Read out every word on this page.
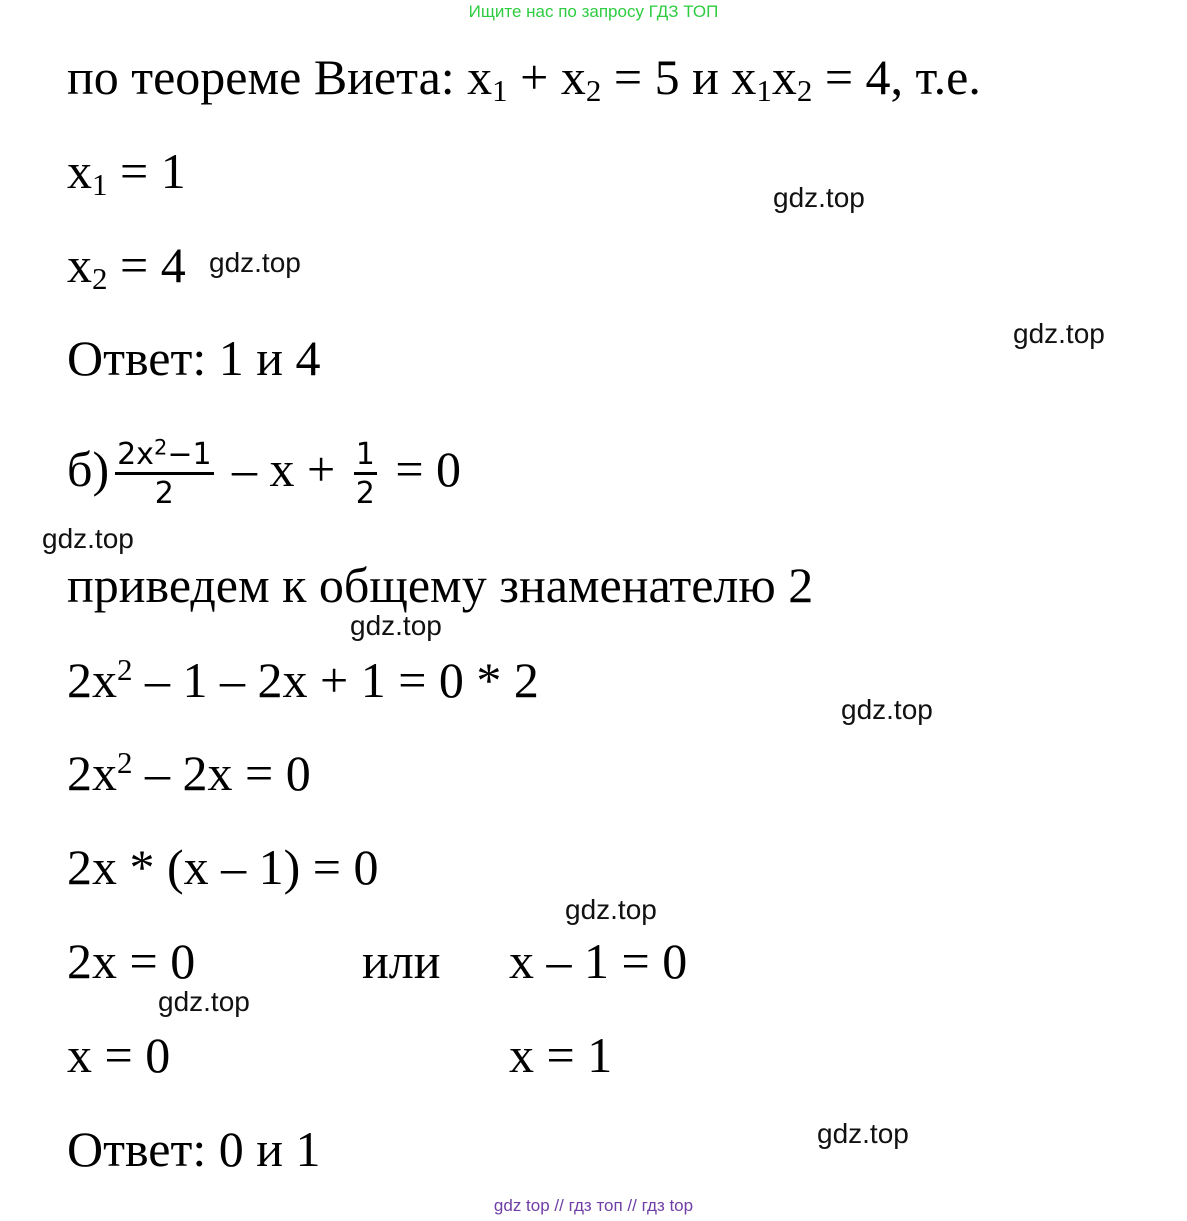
Ищите нас по запросу ГДЗ ТОП
по теореме Виета: $x_1 + x_2 = 5$ и $x_1x_2 = 4$, т.е.
$x_1 = 1$
$x_2 = 4$
Ответ: 1 и 4
$б) \frac{2x^2-1}{2} - x + \frac{1}{2} = 0$
приведем к общему знаменателю 2
$2x^2 - 1 - 2x + 1 = 0 * 2$
$2x^2 - 2x = 0$
2x * (x – 1) = 0
2x = 0	или x – 1 = 0
x = 0	x = 1
Ответ: 0 и 1
gdz.top
gdz.top
gdz.top
gdz.top
gdz.top
gdz.top
gdz.top
gdz.top
gdz.top
gdz top // гдз топ // гдз top
